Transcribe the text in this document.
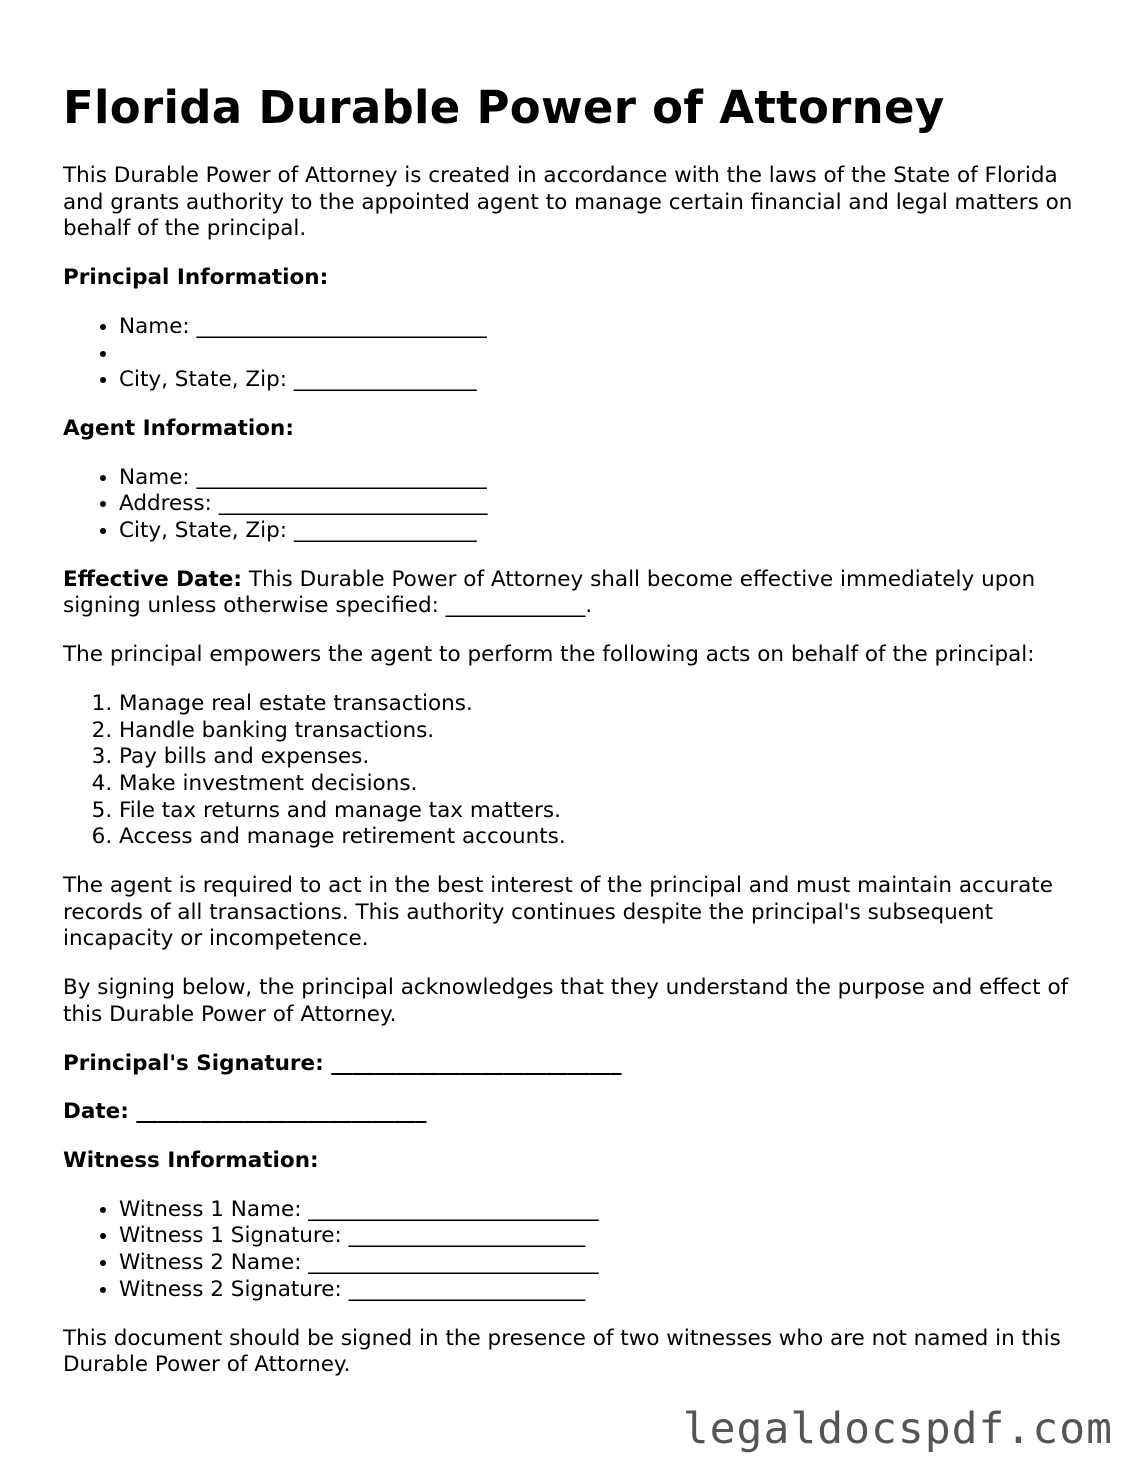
Florida Durable Power of Attorney

This Durable Power of Attorney is created in accordance with the laws of the State of Florida and grants authority to the appointed agent to manage certain financial and legal matters on behalf of the principal.

Principal Information:
• Name: ___________________________
•
• City, State, Zip: _________________
Agent Information:
• Name: ___________________________
• Address: _________________________
• City, State, Zip: _________________

Effective Date: This Durable Power of Attorney shall become effective immediately upon signing unless otherwise specified: _____________.

The principal empowers the agent to perform the following acts on behalf of the principal:

1. Manage real estate transactions.
2. Handle banking transactions.
3. Pay bills and expenses.
4. Make investment decisions.
5. File tax returns and manage tax matters.
6. Access and manage retirement accounts.

The agent is required to act in the best interest of the principal and must maintain accurate records of all transactions. This authority continues despite the principal's subsequent incapacity or incompetence.

By signing below, the principal acknowledges that they understand the purpose and effect of this Durable Power of Attorney.

Principal's Signature: ___________________________
Date: ___________________________
Witness Information:
• Witness 1 Name: ___________________________
• Witness 1 Signature: ______________________
• Witness 2 Name: ___________________________
• Witness 2 Signature: ______________________

This document should be signed in the presence of two witnesses who are not named in this Durable Power of Attorney.

legaldocspdf.com
